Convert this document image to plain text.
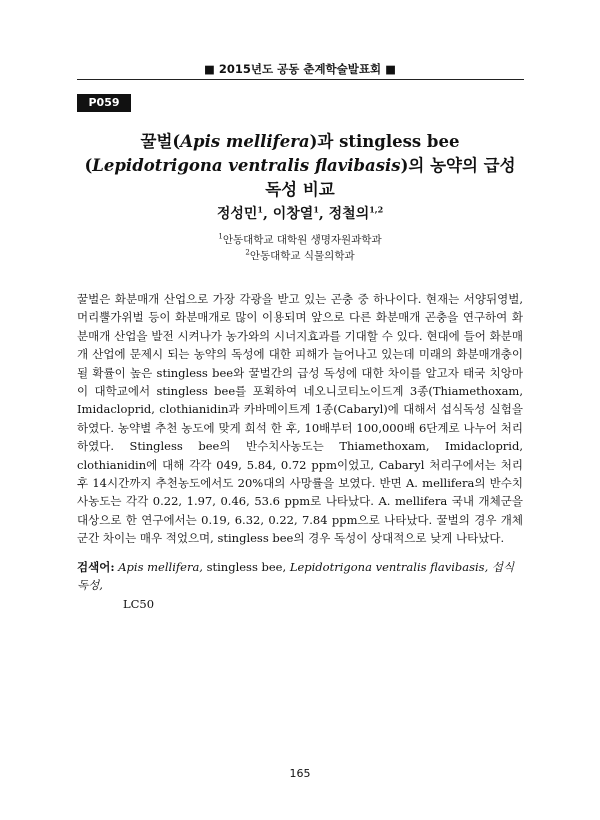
■ 2015년도 공동 춘계학술발표회 ■
P059
꿀벌(Apis mellifera)과 stingless bee (Lepidotrigona ventralis flavibasis)의 농약의 급성 독성 비교
정성민$^1$, 이창열$^1$, 정철의$^{1,2}$
$^1$안동대학교 대학원 생명자원과학과
$^2$안동대학교 식물의학과

꿀벌은 화분매개 산업으로 가장 각광을 받고 있는 곤충 중 하나이다. 현재는 서양뒤영벌, 머리뿔가위벌 등이 화분매개로 많이 이용되며 앞으로 다른 화분매개 곤충을 연구하여 화분매개 산업을 발전 시켜나가 농가와의 시너지효과를 기대할 수 있다. 현대에 들어 화분매개 산업에 문제시 되는 농약의 독성에 대한 피해가 늘어나고 있는데 미래의 화분매개충이 될 확률이 높은 stingless bee와 꿀벌간의 급성 독성에 대한 차이를 알고자 태국 치앙마이 대학교에서 stingless bee를 포획하여 네오니코티노이드계 3종(Thiamethoxam, Imidacloprid, clothianidin과 카바메이트계 1종(Cabaryl)에 대해서 섭식독성 실험을 하였다. 농약별 추천 농도에 맞게 희석 한 후, 10배부터 100,000배 6단계로 나누어 처리 하였다. Stingless bee의 반수치사농도는 Thiamethoxam, Imidacloprid, clothianidin에 대해 각각 049, 5.84, 0.72 ppm이었고, Cabaryl 처리구에서는 처리후 14시간까지 추천농도에서도 20%대의 사망률을 보였다. 반면 A. mellifera의 반수치사농도는 각각 0.22, 1.97, 0.46, 53.6 ppm로 나타났다. A. mellifera 국내 개체군을 대상으로 한 연구에서는 0.19, 6.32, 0.22, 7.84 ppm으로 나타났다. 꿀벌의 경우 개체군간 차이는 매우 적었으며, stingless bee의 경우 독성이 상대적으로 낮게 나타났다.

검색어: Apis mellifera, stingless bee, Lepidotrigona ventralis flavibasis, 섭식독성,
LC50
165
